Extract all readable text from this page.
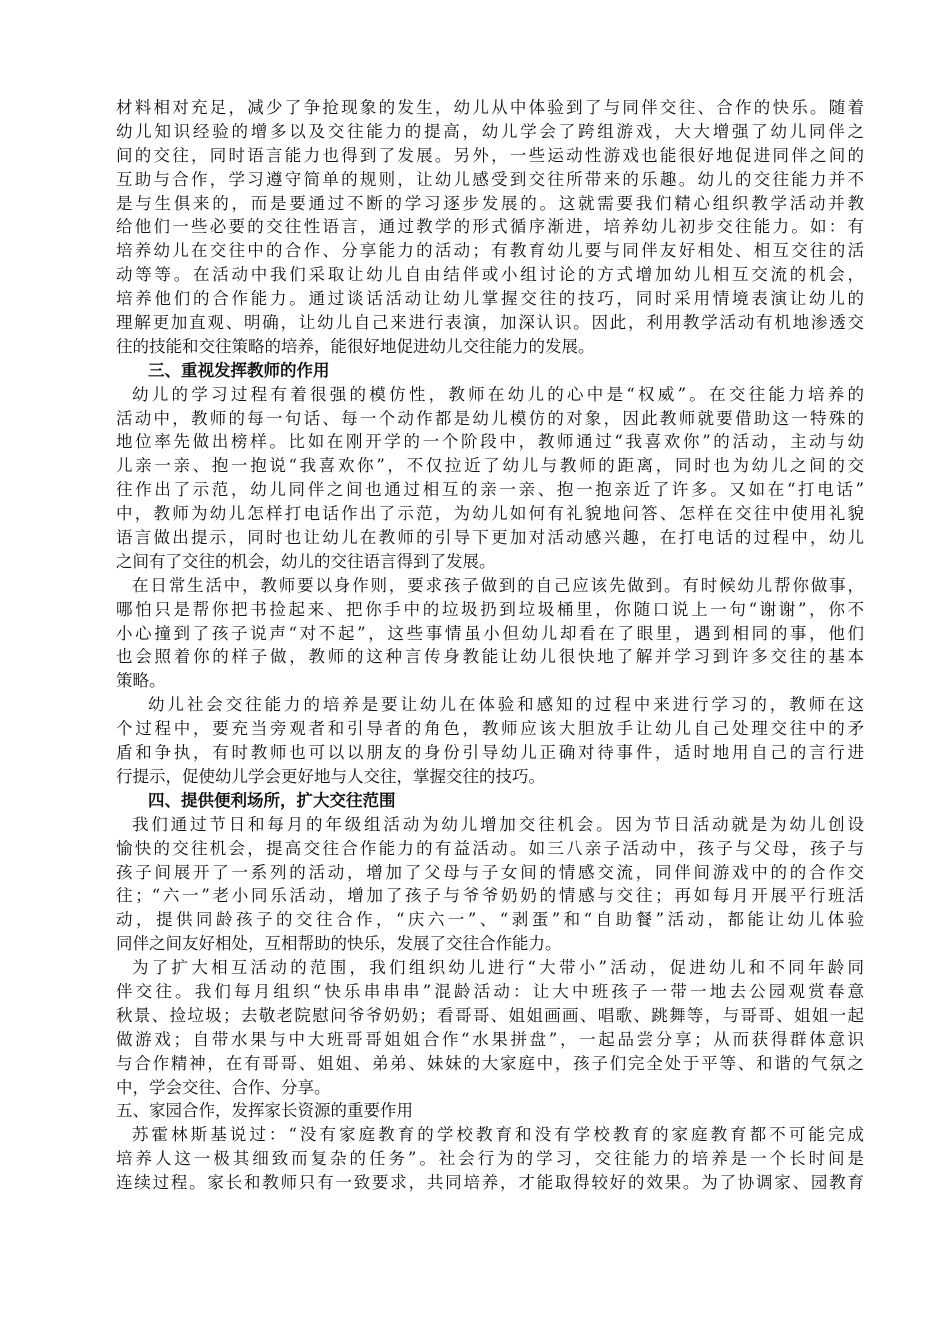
材料相对充足，减少了争抢现象的发生，幼儿从中体验到了与同伴交往、合作的快乐。随着
幼儿知识经验的增多以及交往能力的提高，幼儿学会了跨组游戏，大大增强了幼儿同伴之
间的交往，同时语言能力也得到了发展。另外，一些运动性游戏也能很好地促进同伴之间的
互助与合作，学习遵守简单的规则，让幼儿感受到交往所带来的乐趣。幼儿的交往能力并不
是与生俱来的，而是要通过不断的学习逐步发展的。这就需要我们精心组织教学活动并教
给他们一些必要的交往性语言，通过教学的形式循序渐进，培养幼儿初步交往能力。如：有
培养幼儿在交往中的合作、分享能力的活动；有教育幼儿要与同伴友好相处、相互交往的活
动等等。在活动中我们采取让幼儿自由结伴或小组讨论的方式增加幼儿相互交流的机会，
培养他们的合作能力。通过谈话活动让幼儿掌握交往的技巧，同时采用情境表演让幼儿的
理解更加直观、明确，让幼儿自己来进行表演，加深认识。因此，利用教学活动有机地渗透交
往的技能和交往策略的培养，能很好地促进幼儿交往能力的发展。
三、重视发挥教师的作用
幼儿的学习过程有着很强的模仿性，教师在幼儿的心中是“权威”。在交往能力培养的
活动中，教师的每一句话、每一个动作都是幼儿模仿的对象，因此教师就要借助这一特殊的
地位率先做出榜样。比如在刚开学的一个阶段中，教师通过“我喜欢你”的活动，主动与幼
儿亲一亲、抱一抱说“我喜欢你”，不仅拉近了幼儿与教师的距离，同时也为幼儿之间的交
往作出了示范，幼儿同伴之间也通过相互的亲一亲、抱一抱亲近了许多。又如在“打电话”
中，教师为幼儿怎样打电话作出了示范，为幼儿如何有礼貌地问答、怎样在交往中使用礼貌
语言做出提示，同时也让幼儿在教师的引导下更加对活动感兴趣，在打电话的过程中，幼儿
之间有了交往的机会，幼儿的交往语言得到了发展。
在日常生活中，教师要以身作则，要求孩子做到的自己应该先做到。有时候幼儿帮你做事，
哪怕只是帮你把书捡起来、把你手中的垃圾扔到垃圾桶里，你随口说上一句“谢谢”，你不
小心撞到了孩子说声“对不起”，这些事情虽小但幼儿却看在了眼里，遇到相同的事，他们
也会照着你的样子做，教师的这种言传身教能让幼儿很快地了解并学习到许多交往的基本
策略。
幼儿社会交往能力的培养是要让幼儿在体验和感知的过程中来进行学习的，教师在这
个过程中，要充当旁观者和引导者的角色，教师应该大胆放手让幼儿自己处理交往中的矛
盾和争执，有时教师也可以以朋友的身份引导幼儿正确对待事件，适时地用自己的言行进
行提示，促使幼儿学会更好地与人交往，掌握交往的技巧。
四、提供便利场所，扩大交往范围
我们通过节日和每月的年级组活动为幼儿增加交往机会。因为节日活动就是为幼儿创设
愉快的交往机会，提高交往合作能力的有益活动。如三八亲子活动中，孩子与父母，孩子与
孩子间展开了一系列的活动，增加了父母与子女间的情感交流，同伴间游戏中的的合作交
往；“六一”老小同乐活动，增加了孩子与爷爷奶奶的情感与交往；再如每月开展平行班活
动，提供同龄孩子的交往合作，“庆六一”、“剥蛋”和“自助餐”活动，都能让幼儿体验
同伴之间友好相处，互相帮助的快乐，发展了交往合作能力。
为了扩大相互活动的范围，我们组织幼儿进行“大带小”活动，促进幼儿和不同年龄同
伴交往。我们每月组织“快乐串串串”混龄活动：让大中班孩子一带一地去公园观赏春意
秋景、捡垃圾；去敬老院慰问爷爷奶奶；看哥哥、姐姐画画、唱歌、跳舞等，与哥哥、姐姐一起
做游戏；自带水果与中大班哥哥姐姐合作“水果拼盘”，一起品尝分享；从而获得群体意识
与合作精神，在有哥哥、姐姐、弟弟、妹妹的大家庭中，孩子们完全处于平等、和谐的气氛之
中，学会交往、合作、分享。
五、家园合作，发挥家长资源的重要作用
苏霍林斯基说过：“没有家庭教育的学校教育和没有学校教育的家庭教育都不可能完成
培养人这一极其细致而复杂的任务”。社会行为的学习，交往能力的培养是一个长时间是
连续过程。家长和教师只有一致要求，共同培养，才能取得较好的效果。为了协调家、园教育
